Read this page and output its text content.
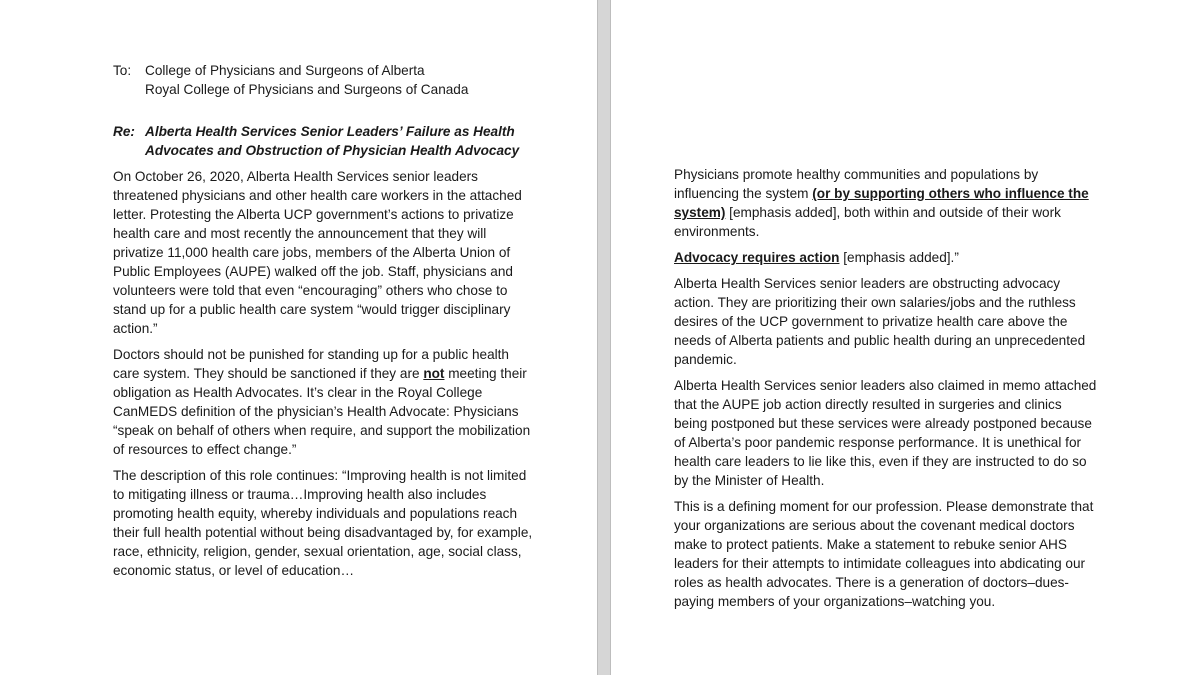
To:	College of Physicians and Surgeons of Alberta
Royal College of Physicians and Surgeons of Canada
Re: Alberta Health Services Senior Leaders’ Failure as Health Advocates and Obstruction of Physician Health Advocacy

On October 26, 2020, Alberta Health Services senior leaders threatened physicians and other health care workers in the attached letter. Protesting the Alberta UCP government’s actions to privatize health care and most recently the announcement that they will privatize 11,000 health care jobs, members of the Alberta Union of Public Employees (AUPE) walked off the job. Staff, physicians and volunteers were told that even “encouraging” others who chose to stand up for a public health care system “would trigger disciplinary action.”

Doctors should not be punished for standing up for a public health care system. They should be sanctioned if they are not meeting their obligation as Health Advocates. It’s clear in the Royal College CanMEDS definition of the physician’s Health Advocate: Physicians “speak on behalf of others when require, and support the mobilization of resources to effect change.”

The description of this role continues: “Improving health is not limited to mitigating illness or trauma…Improving health also includes promoting health equity, whereby individuals and populations reach their full health potential without being disadvantaged by, for example, race, ethnicity, religion, gender, sexual orientation, age, social class, economic status, or level of education…

Physicians promote healthy communities and populations by influencing the system (or by supporting others who influence the system) [emphasis added], both within and outside of their work environments.

Advocacy requires action [emphasis added].”

Alberta Health Services senior leaders are obstructing advocacy action. They are prioritizing their own salaries/jobs and the ruthless desires of the UCP government to privatize health care above the needs of Alberta patients and public health during an unprecedented pandemic.

Alberta Health Services senior leaders also claimed in memo attached that the AUPE job action directly resulted in surgeries and clinics being postponed but these services were already postponed because of Alberta’s poor pandemic response performance. It is unethical for health care leaders to lie like this, even if they are instructed to do so by the Minister of Health.

This is a defining moment for our profession. Please demonstrate that your organizations are serious about the covenant medical doctors make to protect patients. Make a statement to rebuke senior AHS leaders for their attempts to intimidate colleagues into abdicating our roles as health advocates. There is a generation of doctors–dues-paying members of your organizations–watching you.
